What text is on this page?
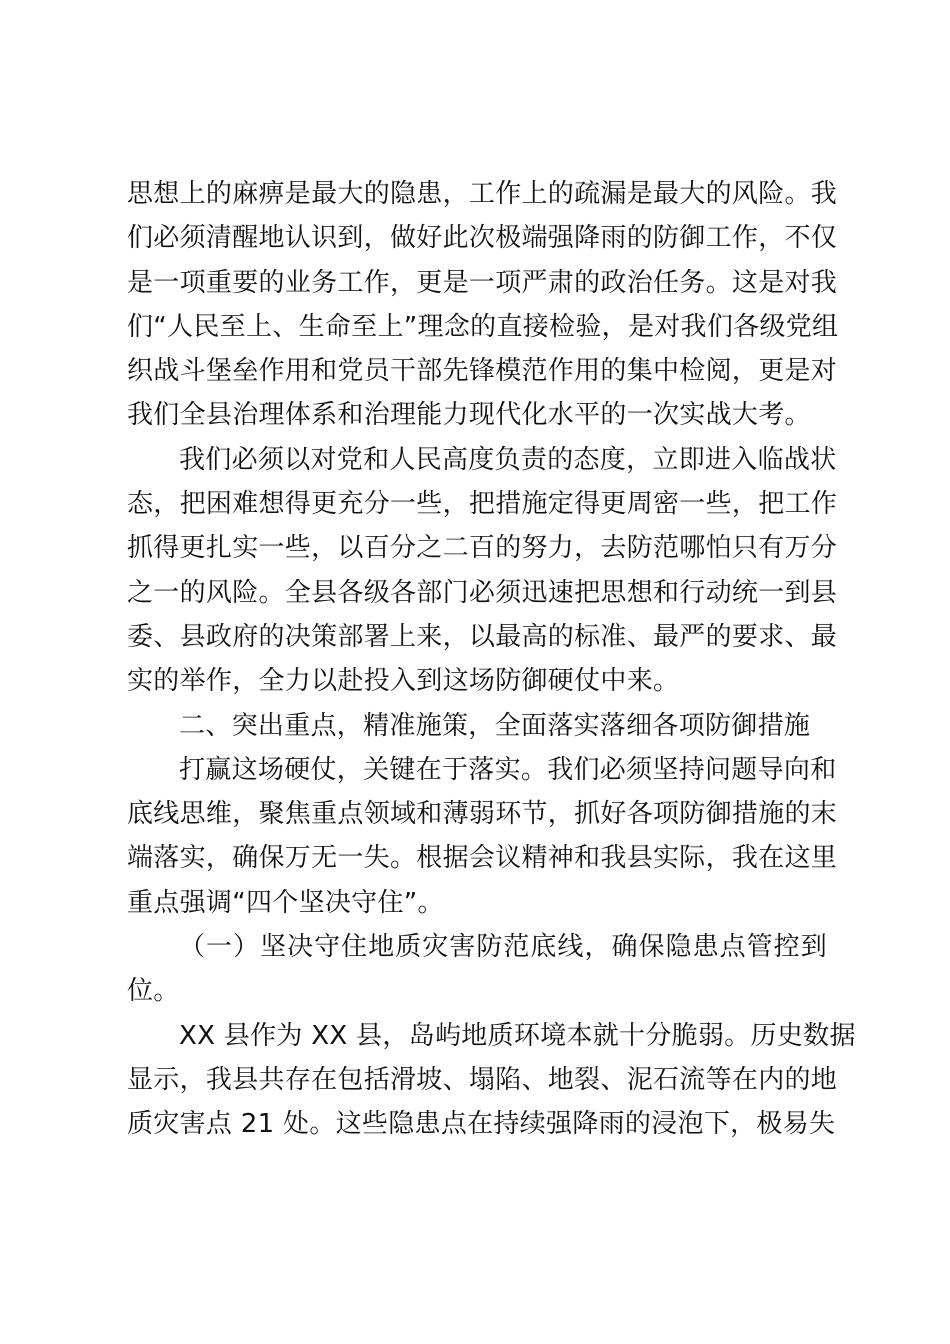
思想上的麻痹是最大的隐患，工作上的疏漏是最大的风险。我
们必须清醒地认识到，做好此次极端强降雨的防御工作，不仅
是一项重要的业务工作，更是一项严肃的政治任务。这是对我
们“人民至上、生命至上”理念的直接检验，是对我们各级党组
织战斗堡垒作用和党员干部先锋模范作用的集中检阅，更是对
我们全县治理体系和治理能力现代化水平的一次实战大考。
我们必须以对党和人民高度负责的态度，立即进入临战状
态，把困难想得更充分一些，把措施定得更周密一些，把工作
抓得更扎实一些，以百分之二百的努力，去防范哪怕只有万分
之一的风险。全县各级各部门必须迅速把思想和行动统一到县
委、县政府的决策部署上来，以最高的标准、最严的要求、最
实的举作，全力以赴投入到这场防御硬仗中来。
二、突出重点，精准施策，全面落实落细各项防御措施
打赢这场硬仗，关键在于落实。我们必须坚持问题导向和
底线思维，聚焦重点领域和薄弱环节，抓好各项防御措施的末
端落实，确保万无一失。根据会议精神和我县实际，我在这里
重点强调“四个坚决守住”。
（一）坚决守住地质灾害防范底线，确保隐患点管控到
位。
XX 县作为 XX 县，岛屿地质环境本就十分脆弱。历史数据
显示，我县共存在包括滑坡、塌陷、地裂、泥石流等在内的地
质灾害点 21 处。这些隐患点在持续强降雨的浸泡下，极易失
